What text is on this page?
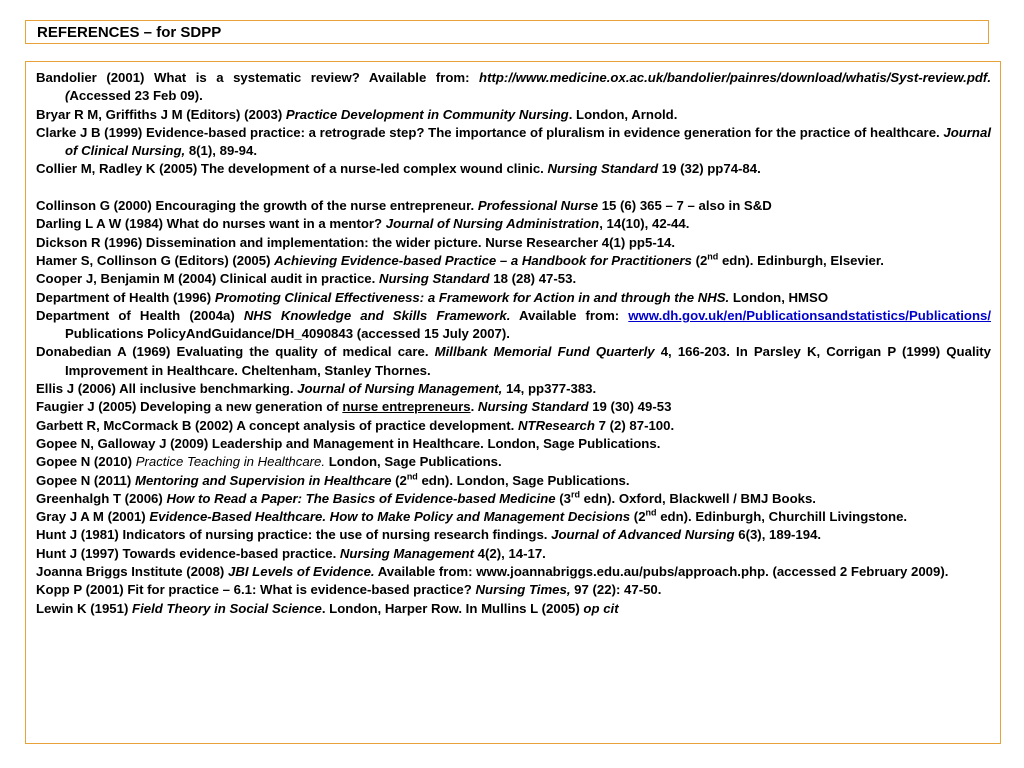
REFERENCES – for SDPP
Bandolier (2001) What is a systematic review? Available from: http://www.medicine.ox.ac.uk/bandolier/painres/download/whatis/Syst-review.pdf. (Accessed 23 Feb 09).
Bryar R M, Griffiths J M (Editors) (2003) Practice Development in Community Nursing. London, Arnold.
Clarke J B (1999) Evidence-based practice: a retrograde step? The importance of pluralism in evidence generation for the practice of healthcare. Journal of Clinical Nursing, 8(1), 89-94.
Collier M, Radley K (2005) The development of a nurse-led complex wound clinic. Nursing Standard 19 (32) pp74-84.
Collinson G (2000) Encouraging the growth of the nurse entrepreneur. Professional Nurse 15 (6) 365 – 7 – also in S&D
Darling L A W (1984) What do nurses want in a mentor? Journal of Nursing Administration, 14(10), 42-44.
Dickson R (1996) Dissemination and implementation: the wider picture. Nurse Researcher 4(1) pp5-14.
Hamer S, Collinson G (Editors) (2005) Achieving Evidence-based Practice – a Handbook for Practitioners (2nd edn). Edinburgh, Elsevier.
Cooper J, Benjamin M (2004) Clinical audit in practice. Nursing Standard 18 (28) 47-53.
Department of Health (1996) Promoting Clinical Effectiveness: a Framework for Action in and through the NHS. London, HMSO
Department of Health (2004a) NHS Knowledge and Skills Framework. Available from: www.dh.gov.uk/en/Publicationsandstatistics/Publications/ Publications PolicyAndGuidance/DH_4090843 (accessed 15 July 2007).
Donabedian A (1969) Evaluating the quality of medical care. Millbank Memorial Fund Quarterly 4, 166-203. In Parsley K, Corrigan P (1999) Quality Improvement in Healthcare. Cheltenham, Stanley Thornes.
Ellis J (2006) All inclusive benchmarking. Journal of Nursing Management, 14, pp377-383.
Faugier J (2005) Developing a new generation of nurse entrepreneurs. Nursing Standard 19 (30) 49-53
Garbett R, McCormack B (2002) A concept analysis of practice development. NTResearch 7 (2) 87-100.
Gopee N, Galloway J (2009) Leadership and Management in Healthcare. London, Sage Publications.
Gopee N (2010) Practice Teaching in Healthcare. London, Sage Publications.
Gopee N (2011) Mentoring and Supervision in Healthcare (2nd edn). London, Sage Publications.
Greenhalgh T (2006) How to Read a Paper: The Basics of Evidence-based Medicine (3rd edn). Oxford, Blackwell / BMJ Books.
Gray J A M (2001) Evidence-Based Healthcare. How to Make Policy and Management Decisions (2nd edn). Edinburgh, Churchill Livingstone.
Hunt J (1981) Indicators of nursing practice: the use of nursing research findings. Journal of Advanced Nursing 6(3), 189-194.
Hunt J (1997) Towards evidence-based practice. Nursing Management 4(2), 14-17.
Joanna Briggs Institute (2008) JBI Levels of Evidence. Available from: www.joannabriggs.edu.au/pubs/approach.php. (accessed 2 February 2009).
Kopp P (2001) Fit for practice – 6.1: What is evidence-based practice? Nursing Times, 97 (22): 47-50.
Lewin K (1951) Field Theory in Social Science. London, Harper Row. In Mullins L (2005) op cit
